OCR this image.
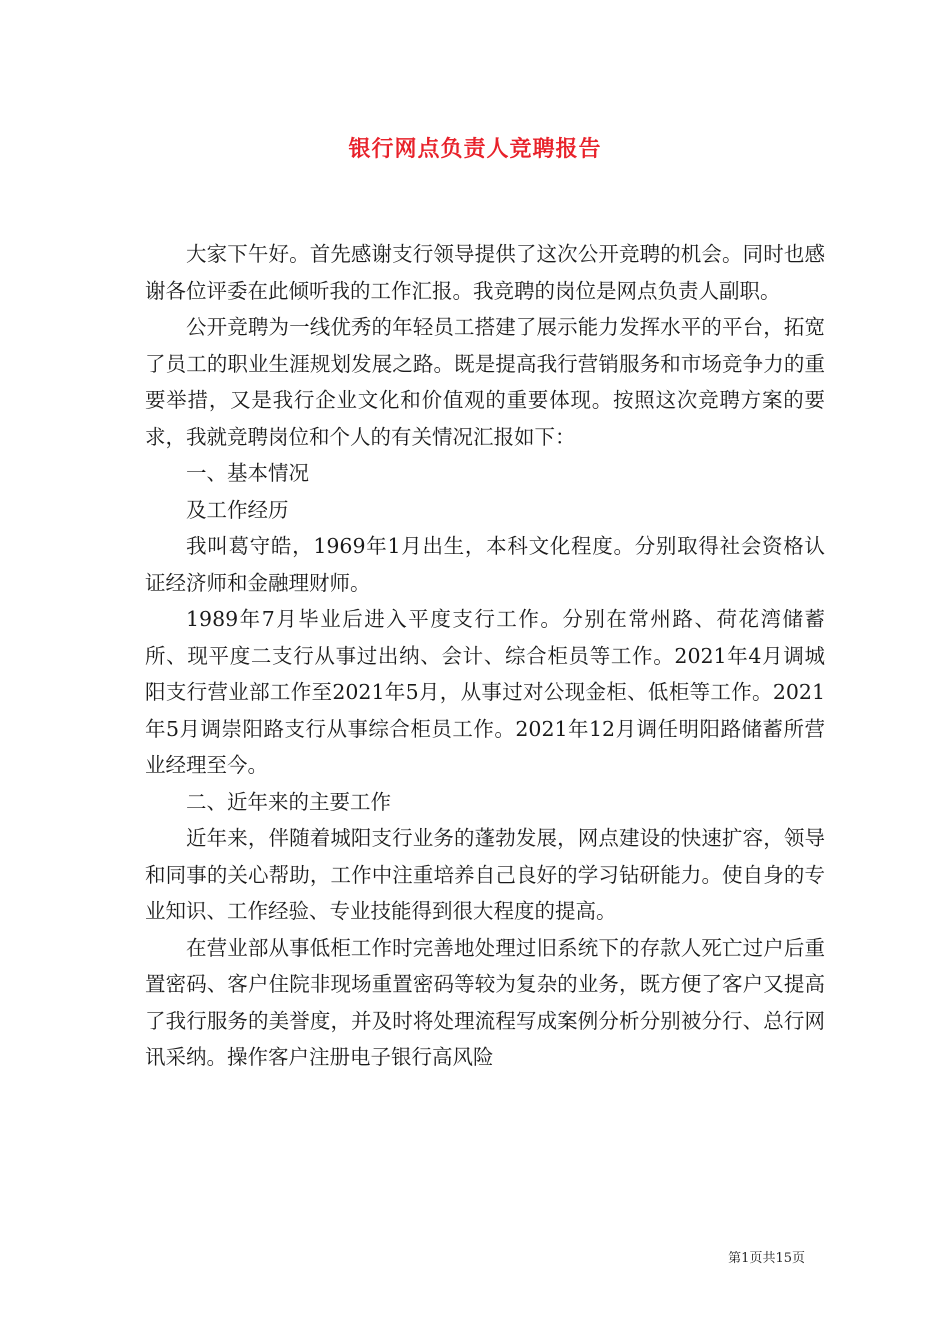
银行网点负责人竞聘报告

大家下午好。首先感谢支行领导提供了这次公开竞聘的机会。同时也感谢各位评委在此倾听我的工作汇报。我竞聘的岗位是网点负责人副职。

公开竞聘为一线优秀的年轻员工搭建了展示能力发挥水平的平台，拓宽了员工的职业生涯规划发展之路。既是提高我行营销服务和市场竞争力的重要举措，又是我行企业文化和价值观的重要体现。按照这次竞聘方案的要求，我就竞聘岗位和个人的有关情况汇报如下：

一、基本情况

及工作经历

我叫葛守皓，1969年1月出生，本科文化程度。分别取得社会资格认证经济师和金融理财师。

1989年7月毕业后进入平度支行工作。分别在常州路、荷花湾储蓄所、现平度二支行从事过出纳、会计、综合柜员等工作。2021年4月调城阳支行营业部工作至2021年5月，从事过对公现金柜、低柜等工作。2021年5月调崇阳路支行从事综合柜员工作。2021年12月调任明阳路储蓄所营业经理至今。

二、近年来的主要工作

近年来，伴随着城阳支行业务的蓬勃发展，网点建设的快速扩容，领导和同事的关心帮助，工作中注重培养自己良好的学习钻研能力。使自身的专业知识、工作经验、专业技能得到很大程度的提高。

在营业部从事低柜工作时完善地处理过旧系统下的存款人死亡过户后重置密码、客户住院非现场重置密码等较为复杂的业务，既方便了客户又提高了我行服务的美誉度，并及时将处理流程写成案例分析分别被分行、总行网讯采纳。操作客户注册电子银行高风险

第1页共15页
